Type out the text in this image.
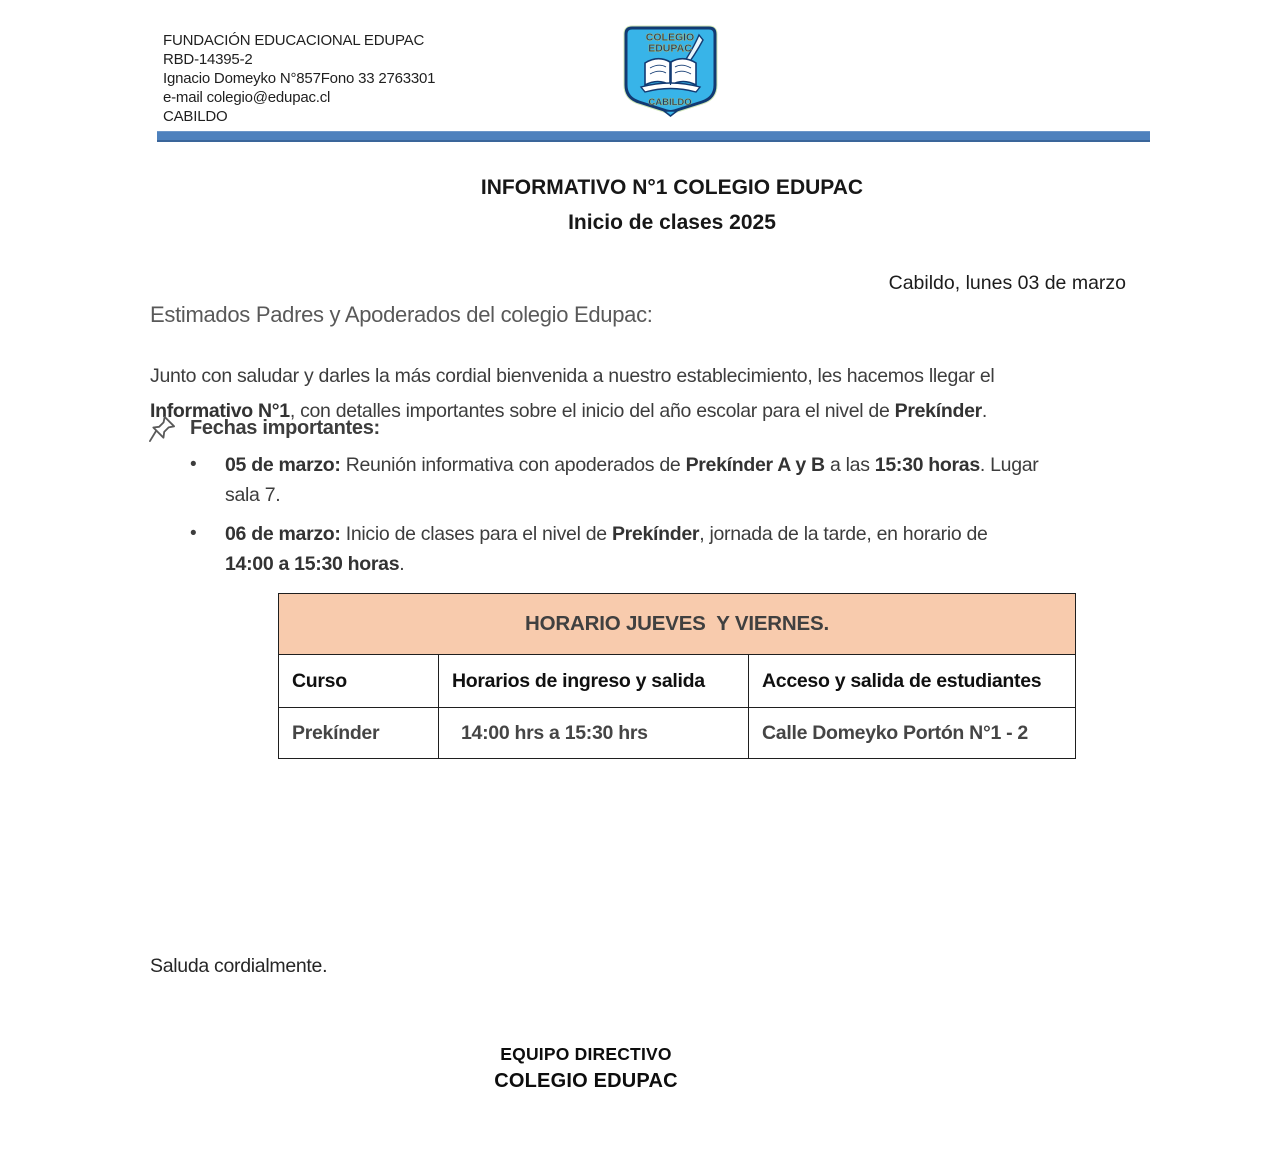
FUNDACIÓN EDUCACIONAL EDUPAC
RBD-14395-2
Ignacio Domeyko N°857Fono 33 2763301
e-mail colegio@edupac.cl
CABILDO
COLEGIO
EDUPAC
CABILDO
INFORMATIVO N°1 COLEGIO EDUPAC
Inicio de clases 2025
Cabildo, lunes 03 de marzo
Estimados Padres y Apoderados del colegio Edupac:

Junto con saludar y darles la más cordial bienvenida a nuestro establecimiento, les hacemos llegar el
Informativo N°1, con detalles importantes sobre el inicio del año escolar para el nivel de Prekínder.

Fechas importantes:
• 05 de marzo: Reunión informativa con apoderados de Prekínder A y B a las 15:30 horas. Lugar
sala 7.
• 06 de marzo: Inicio de clases para el nivel de Prekínder, jornada de la tarde, en horario de
14:00 a 15:30 horas.
HORARIO JUEVES  Y VIERNES.		
Curso	Horarios de ingreso y salida	Acceso y salida de estudiantes
Prekínder	14:00 hrs a 15:30 hrs	Calle Domeyko Portón N°1 - 2
Saluda cordialmente.
EQUIPO DIRECTIVO
COLEGIO EDUPAC
